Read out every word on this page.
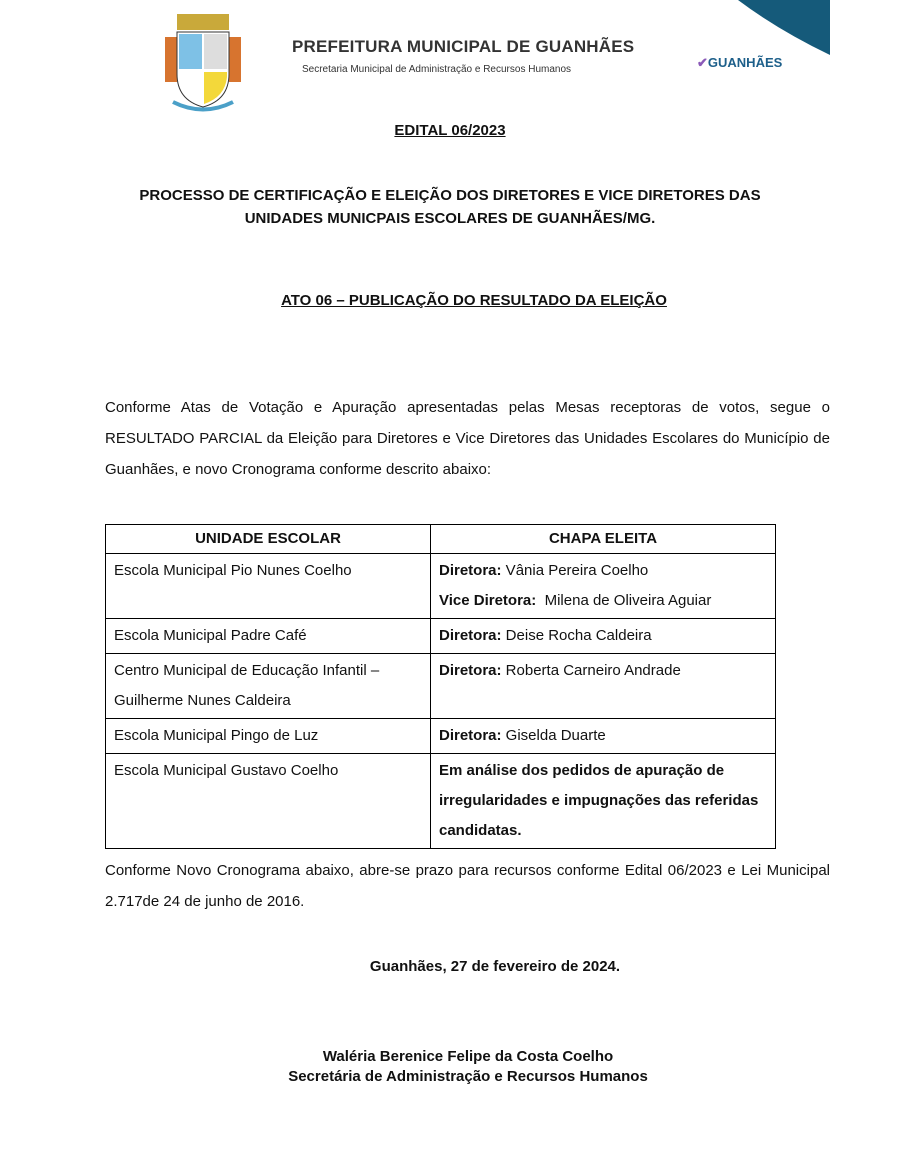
PREFEITURA MUNICIPAL DE GUANHÃES
Secretaria Municipal de Administração e Recursos Humanos	✔GUANHÃES
EDITAL 06/2023
PROCESSO DE CERTIFICAÇÃO E ELEIÇÃO DOS DIRETORES E VICE DIRETORES DAS
UNIDADES MUNICPAIS ESCOLARES DE GUANHÃES/MG.
ATO 06 – PUBLICAÇÃO DO RESULTADO DA ELEIÇÃO

Conforme Atas de Votação e Apuração apresentadas pelas Mesas receptoras de votos, segue o RESULTADO PARCIAL da Eleição para Diretores e Vice Diretores das Unidades Escolares do Município de Guanhães, e novo Cronograma conforme descrito abaixo:

UNIDADE ESCOLAR	CHAPA ELEITA
Escola Municipal Pio Nunes Coelho	Diretora: Vânia Pereira Coelho
Vice Diretora:  Milena de Oliveira Aguiar

Escola Municipal Padre Café	Diretora: Deise Rocha Caldeira

Centro Municipal de Educação Infantil – Guilherme Nunes Caldeira	Diretora: Roberta Carneiro Andrade

Escola Municipal Pingo de Luz	Diretora: Giselda Duarte

Escola Municipal Gustavo Coelho	Em análise dos pedidos de apuração de irregularidades e impugnações das referidas candidatas.

Conforme Novo Cronograma abaixo, abre-se prazo para recursos conforme Edital 06/2023 e Lei Municipal 2.717de 24 de junho de 2016.

Guanhães, 27 de fevereiro de 2024.
Waléria Berenice Felipe da Costa Coelho
Secretária de Administração e Recursos Humanos
